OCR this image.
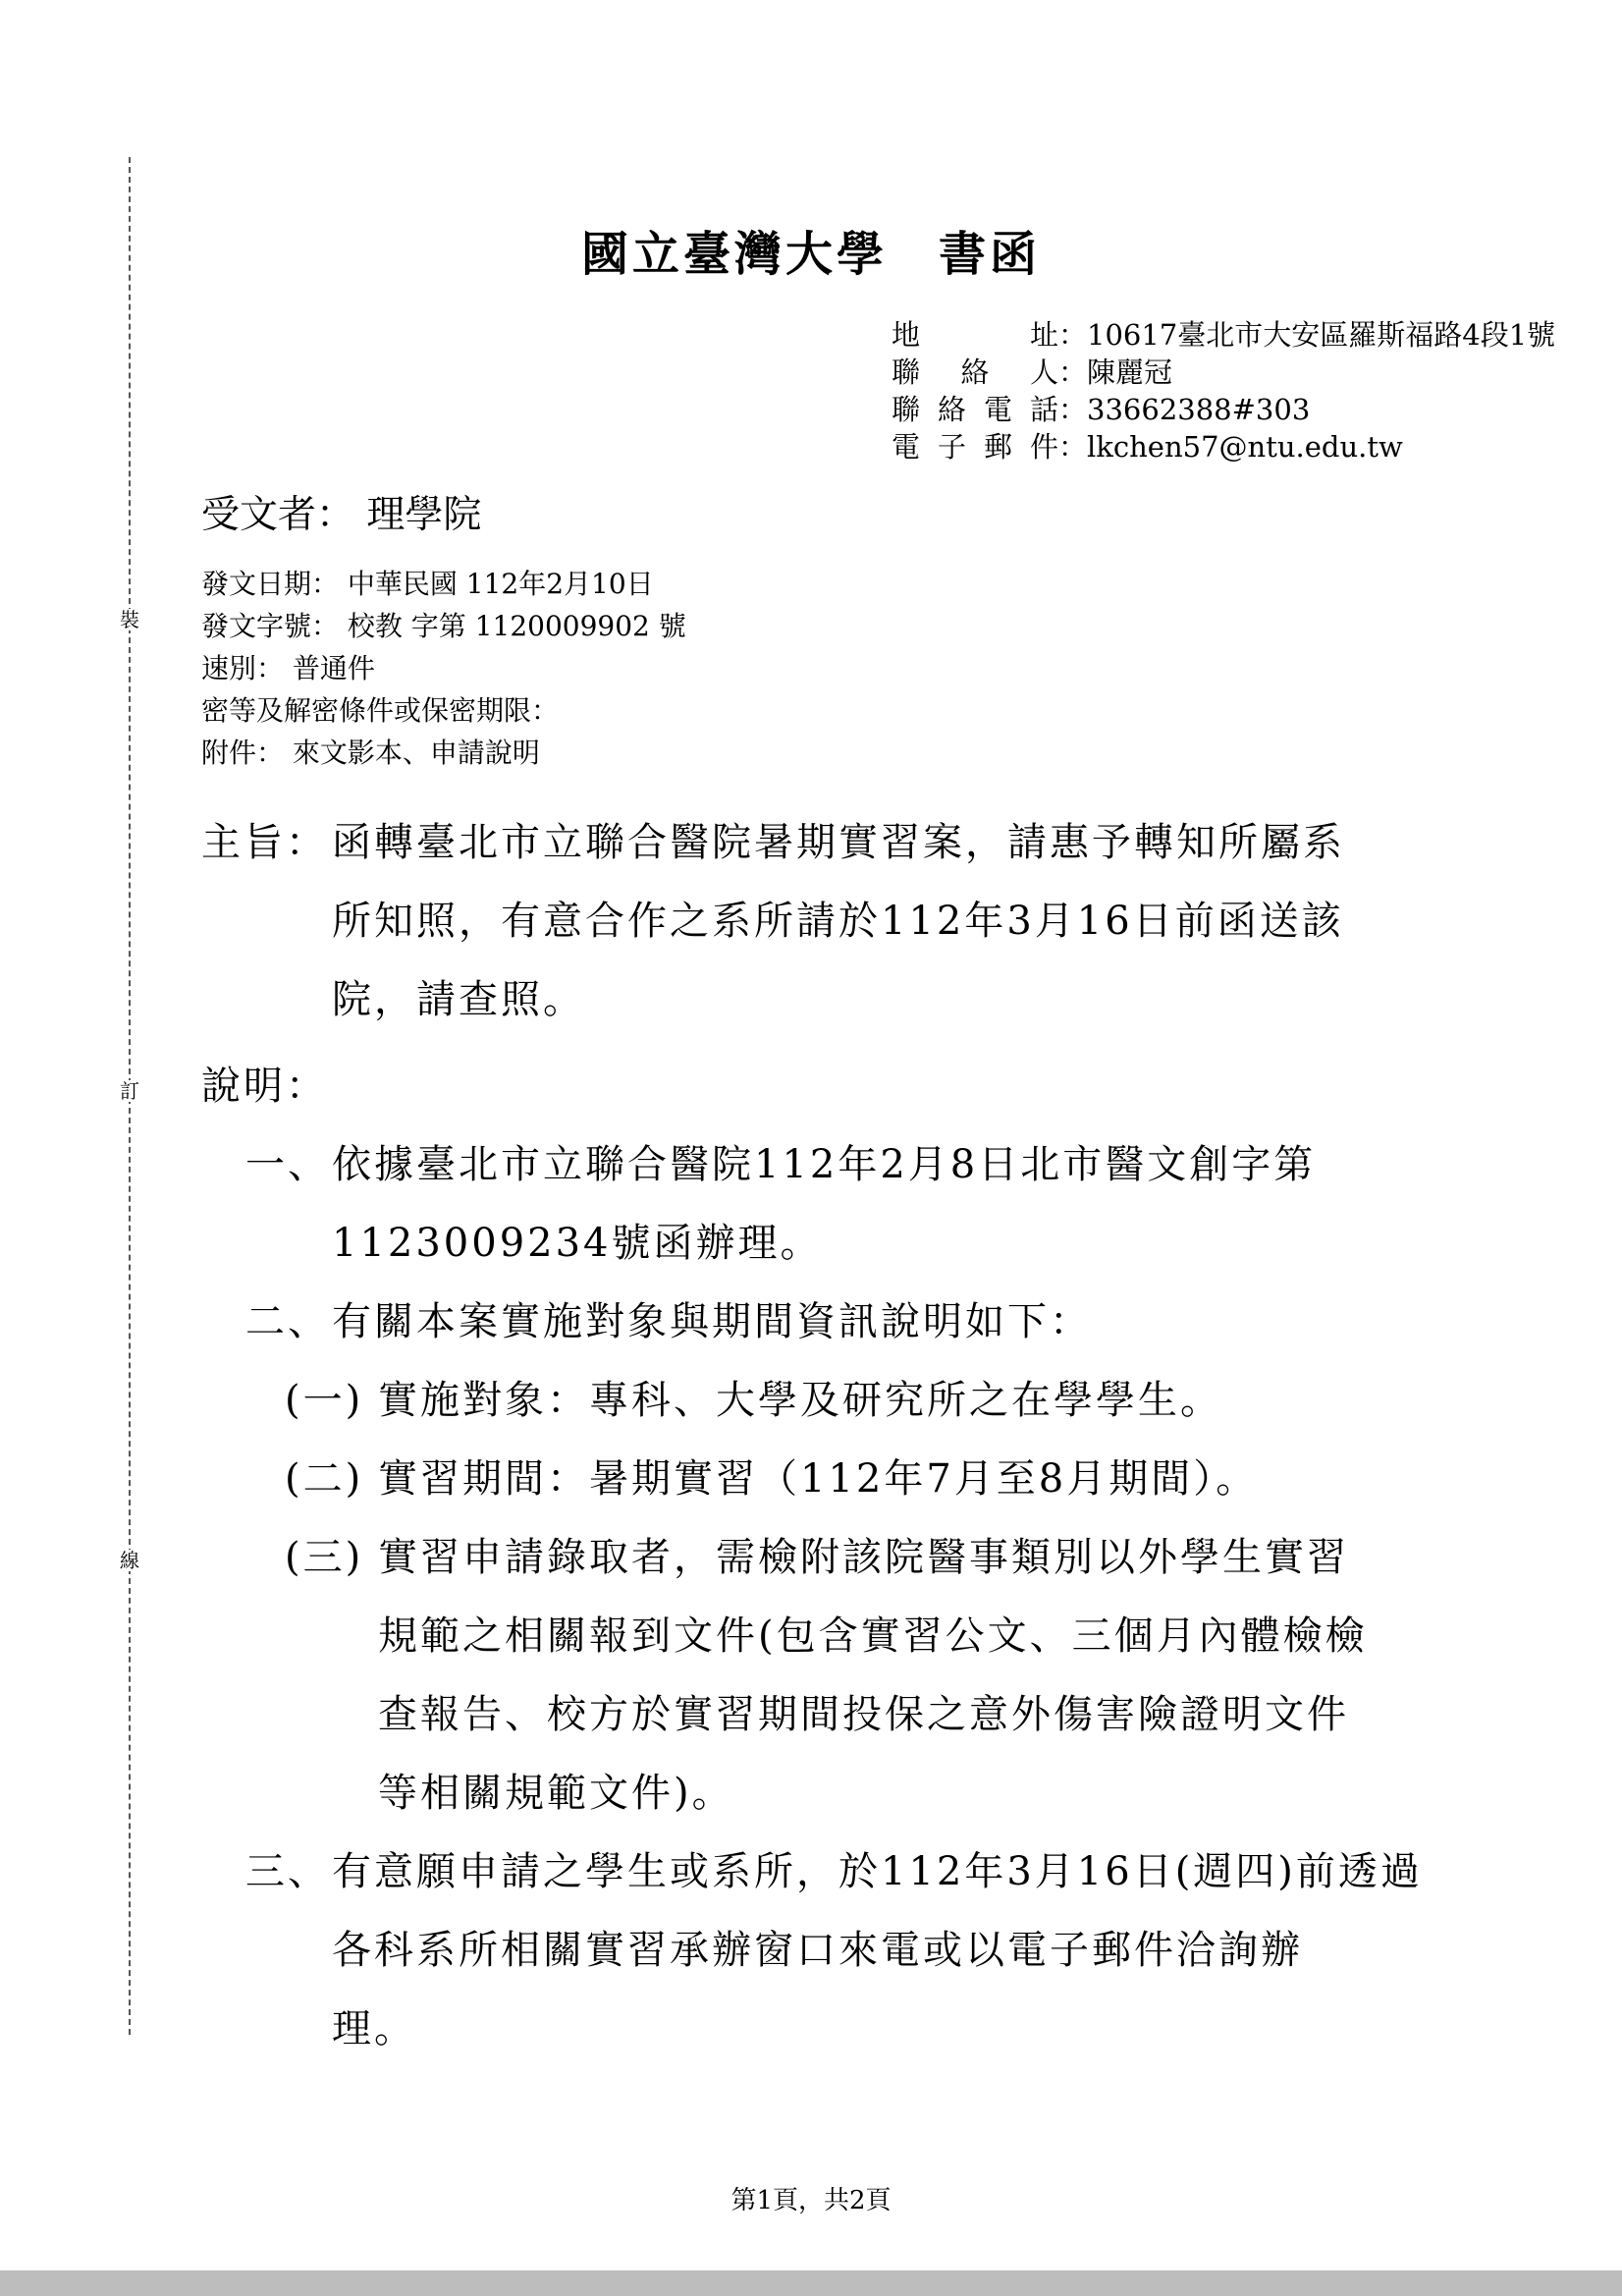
裝
訂
線
國立臺灣大學　書函
地　址：10617臺北市大安區羅斯福路4段1號
聯絡人：陳麗冠
聯絡電話：33662388#303
電子郵件：lkchen57@ntu.edu.tw
受文者： 理學院
發文日期： 中華民國 112年2月10日
發文字號： 校教 字第 1120009902 號
速別： 普通件
密等及解密條件或保密期限：
附件： 來文影本、申請說明
主旨： 函轉臺北市立聯合醫院暑期實習案，請惠予轉知所屬系
所知照，有意合作之系所請於112年3月16日前函送該
院，請查照。
說明：
一、 依據臺北市立聯合醫院112年2月8日北市醫文創字第
1123009234號函辦理。
二、 有關本案實施對象與期間資訊說明如下：
(一) 實施對象：專科、大學及研究所之在學學生。
(二) 實習期間：暑期實習（112年7月至8月期間）。
(三) 實習申請錄取者，需檢附該院醫事類別以外學生實習
規範之相關報到文件(包含實習公文、三個月內體檢檢
查報告、校方於實習期間投保之意外傷害險證明文件
等相關規範文件)。
三、 有意願申請之學生或系所，於112年3月16日(週四)前透過
各科系所相關實習承辦窗口來電或以電子郵件洽詢辦
理。
第1頁，共2頁
